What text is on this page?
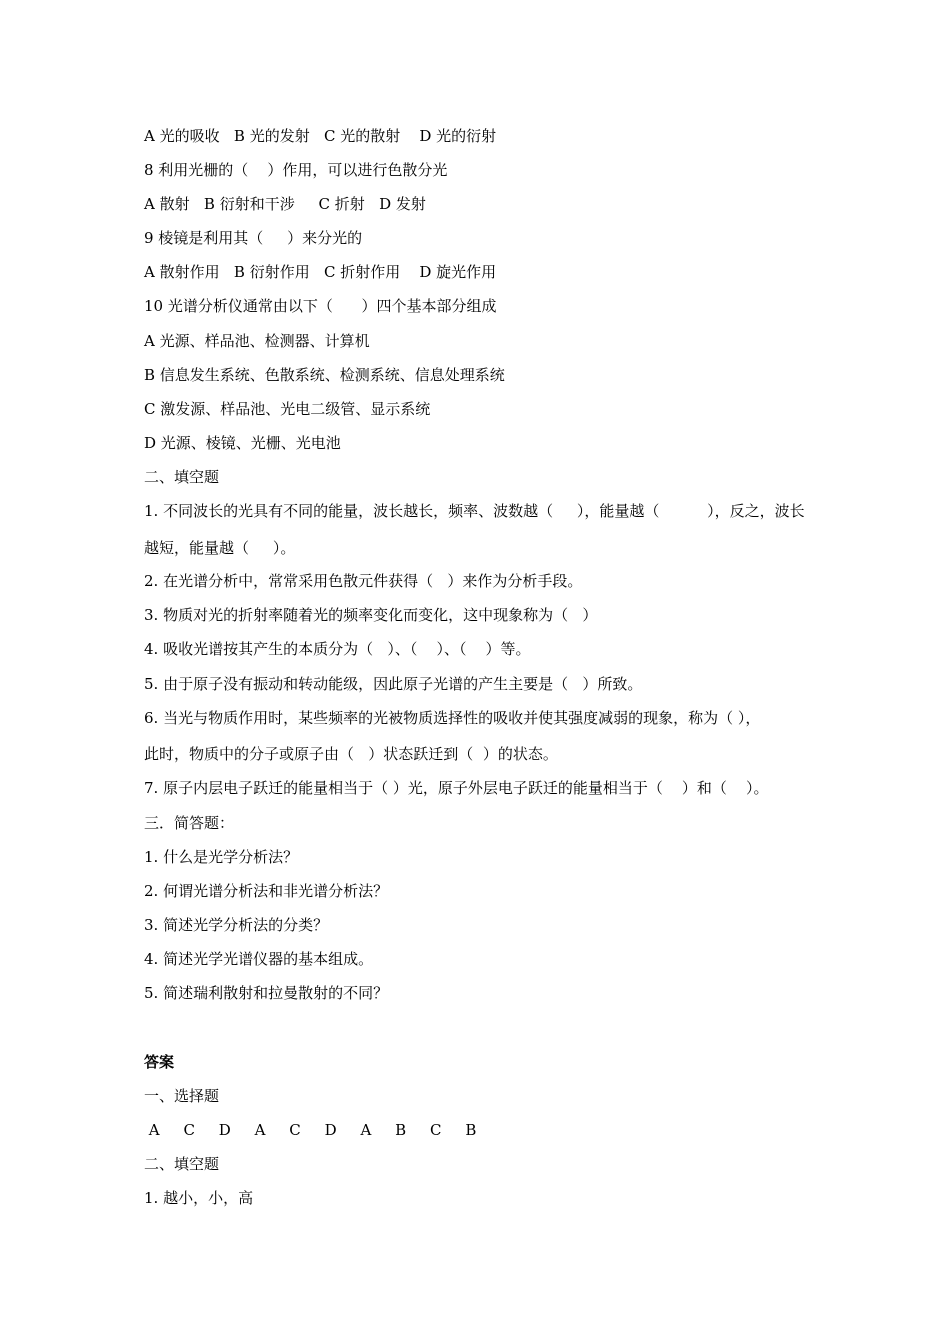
A 光的吸收   B 光的发射   C 光的散射    D 光的衍射
8 利用光栅的（    ）作用，可以进行色散分光
A 散射   B 衍射和干涉     C 折射   D 发射
9 棱镜是利用其（     ）来分光的
A 散射作用   B 衍射作用   C 折射作用    D 旋光作用
10 光谱分析仪通常由以下（      ）四个基本部分组成
A 光源、样品池、检测器、计算机
B 信息发生系统、色散系统、检测系统、信息处理系统
C 激发源、样品池、光电二级管、显示系统
D 光源、棱镜、光栅、光电池
二、填空题
1. 不同波长的光具有不同的能量，波长越长，频率、波数越（     ），能量越（          ），反之，波长
越短，能量越（     ）。
2. 在光谱分析中，常常采用色散元件获得（   ）来作为分析手段。
3. 物质对光的折射率随着光的频率变化而变化，这中现象称为（   ）
4. 吸收光谱按其产生的本质分为（   ）、（    ）、（    ）等。
5. 由于原子没有振动和转动能级，因此原子光谱的产生主要是（   ）所致。
6. 当光与物质作用时，某些频率的光被物质选择性的吸收并使其强度减弱的现象，称为（ ），
此时，物质中的分子或原子由（   ）状态跃迁到（  ）的状态。
7. 原子内层电子跃迁的能量相当于（ ）光，原子外层电子跃迁的能量相当于（    ）和（    ）。
三．简答题：
1. 什么是光学分析法？
2. 何谓光谱分析法和非光谱分析法？
3. 简述光学分析法的分类？
4. 简述光学光谱仪器的基本组成。
5. 简述瑞利散射和拉曼散射的不同？
答案
一、选择题
A     C     D     A     C     D     A     B     C     B
二、填空题
1. 越小，小，高
